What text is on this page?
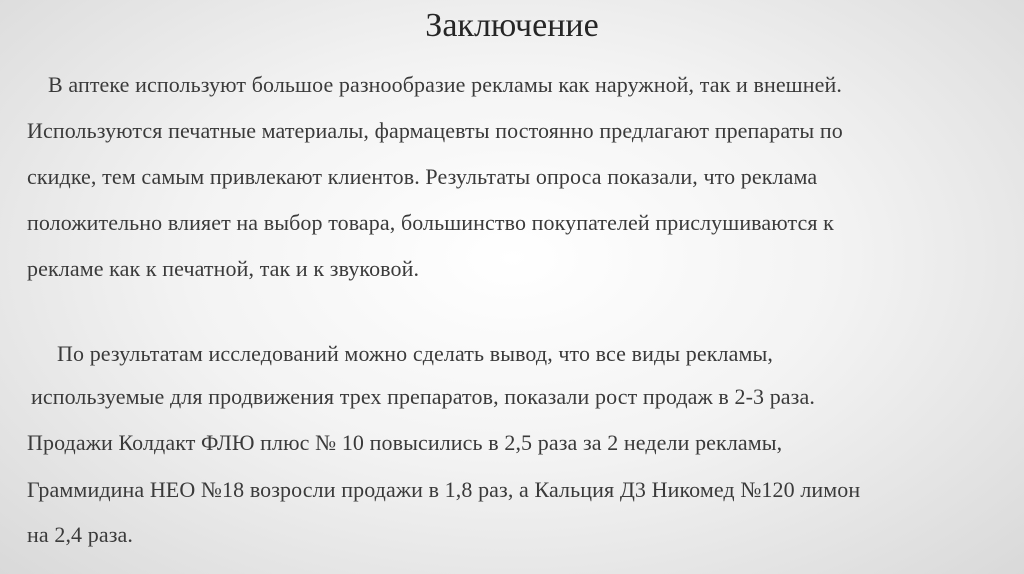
Заключение
В аптеке используют большое разнообразие рекламы как наружной, так и внешней.
Используются печатные материалы, фармацевты постоянно предлагают препараты по
скидке, тем самым привлекают клиентов. Результаты опроса показали, что реклама
положительно влияет на выбор товара, большинство покупателей прислушиваются к
рекламе как к печатной, так и к звуковой.
По результатам исследований можно сделать вывод, что все виды рекламы,
используемые для продвижения трех препаратов, показали рост продаж в 2-3 раза.
Продажи Колдакт ФЛЮ плюс № 10 повысились в 2,5 раза за 2 недели рекламы,
Граммидина НЕО №18 возросли продажи в 1,8 раз, а Кальция Д3 Никомед №120 лимон
на 2,4 раза.
